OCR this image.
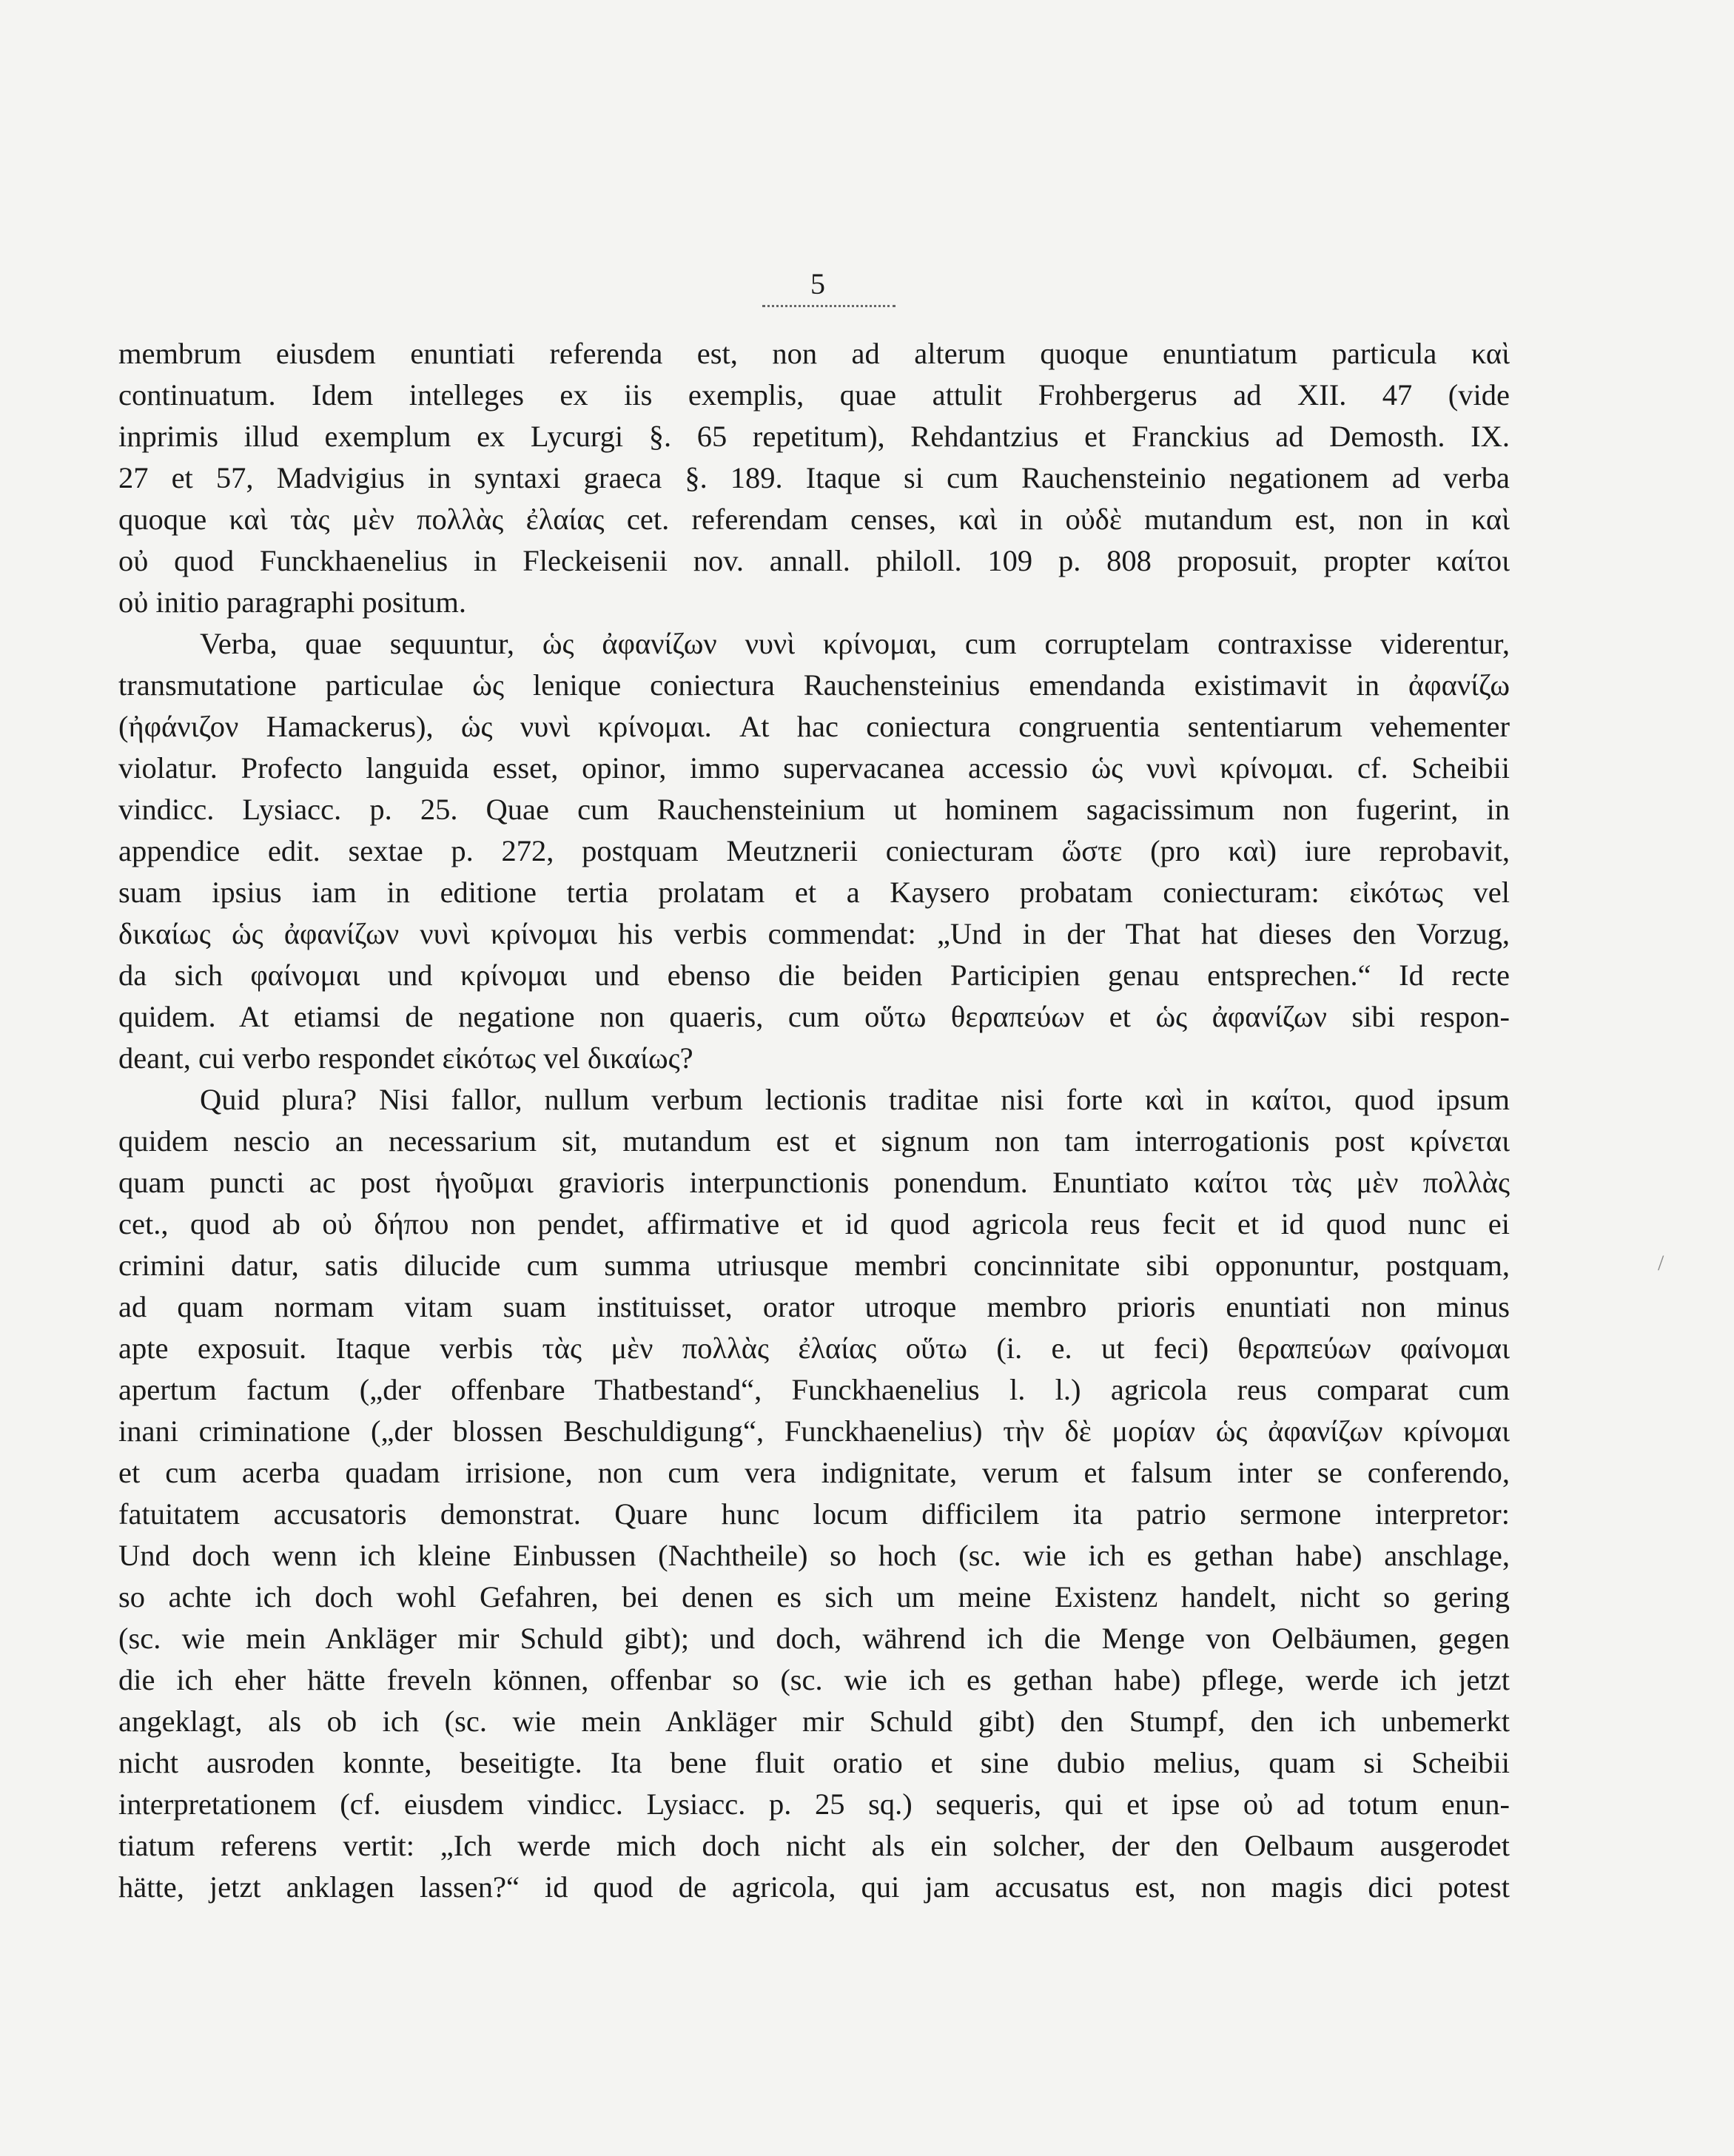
5
membrum eiusdem enuntiati referenda est, non ad alterum quoque enuntiatum particula καὶ
continuatum. Idem intelleges ex iis exemplis, quae attulit Frohbergerus ad XII. 47 (vide
inprimis illud exemplum ex Lycurgi §. 65 repetitum), Rehdantzius et Franckius ad Demosth. IX.
27 et 57, Madvigius in syntaxi graeca §. 189. Itaque si cum Rauchensteinio negationem ad verba
quoque καὶ τὰς μὲν πολλὰς ἐλαίας cet. referendam censes, καὶ in οὐδὲ mutandum est, non in καὶ
οὐ quod Funckhaenelius in Fleckeisenii nov. annall. philoll. 109 p. 808 proposuit, propter καίτοι
οὐ initio paragraphi positum.
Verba, quae sequuntur, ὡς ἀφανίζων νυνὶ κρίνομαι, cum corruptelam contraxisse viderentur,
transmutatione particulae ὡς lenique coniectura Rauchensteinius emendanda existimavit in ἀφανίζω
(ἠφάνιζον Hamackerus), ὡς νυνὶ κρίνομαι. At hac coniectura congruentia sententiarum vehementer
violatur. Profecto languida esset, opinor, immo supervacanea accessio ὡς νυνὶ κρίνομαι. cf. Scheibii
vindicc. Lysiacc. p. 25. Quae cum Rauchensteinium ut hominem sagacissimum non fugerint, in
appendice edit. sextae p. 272, postquam Meutznerii coniecturam ὥστε (pro καὶ) iure reprobavit,
suam ipsius iam in editione tertia prolatam et a Kaysero probatam coniecturam: εἰκότως vel
δικαίως ὡς ἀφανίζων νυνὶ κρίνομαι his verbis commendat: „Und in der That hat dieses den Vorzug,
da sich φαίνομαι und κρίνομαι und ebenso die beiden Participien genau entsprechen.“ Id recte
quidem. At etiamsi de negatione non quaeris, cum οὕτω θεραπεύων et ὡς ἀφανίζων sibi respon-
deant, cui verbo respondet εἰκότως vel δικαίως?
Quid plura? Nisi fallor, nullum verbum lectionis traditae nisi forte καὶ in καίτοι, quod ipsum
quidem nescio an necessarium sit, mutandum est et signum non tam interrogationis post κρίνεται
quam puncti ac post ἡγοῦμαι gravioris interpunctionis ponendum. Enuntiato καίτοι τὰς μὲν πολλὰς
cet., quod ab οὐ δήπου non pendet, affirmative et id quod agricola reus fecit et id quod nunc ei
crimini datur, satis dilucide cum summa utriusque membri concinnitate sibi opponuntur, postquam,
ad quam normam vitam suam instituisset, orator utroque membro prioris enuntiati non minus
apte exposuit. Itaque verbis τὰς μὲν πολλὰς ἐλαίας οὕτω (i. e. ut feci) θεραπεύων φαίνομαι
apertum factum („der offenbare Thatbestand“, Funckhaenelius l. l.) agricola reus comparat cum
inani criminatione („der blossen Beschuldigung“, Funckhaenelius) τὴν δὲ μορίαν ὡς ἀφανίζων κρίνομαι
et cum acerba quadam irrisione, non cum vera indignitate, verum et falsum inter se conferendo,
fatuitatem accusatoris demonstrat. Quare hunc locum difficilem ita patrio sermone interpretor:
Und doch wenn ich kleine Einbussen (Nachtheile) so hoch (sc. wie ich es gethan habe) anschlage,
so achte ich doch wohl Gefahren, bei denen es sich um meine Existenz handelt, nicht so gering
(sc. wie mein Ankläger mir Schuld gibt); und doch, während ich die Menge von Oelbäumen, gegen
die ich eher hätte freveln können, offenbar so (sc. wie ich es gethan habe) pflege, werde ich jetzt
angeklagt, als ob ich (sc. wie mein Ankläger mir Schuld gibt) den Stumpf, den ich unbemerkt
nicht ausroden konnte, beseitigte. Ita bene fluit oratio et sine dubio melius, quam si Scheibii
interpretationem (cf. eiusdem vindicc. Lysiacc. p. 25 sq.) sequeris, qui et ipse οὐ ad totum enun-
tiatum referens vertit: „Ich werde mich doch nicht als ein solcher, der den Oelbaum ausgerodet
hätte, jetzt anklagen lassen?“ id quod de agricola, qui jam accusatus est, non magis dici potest
/
